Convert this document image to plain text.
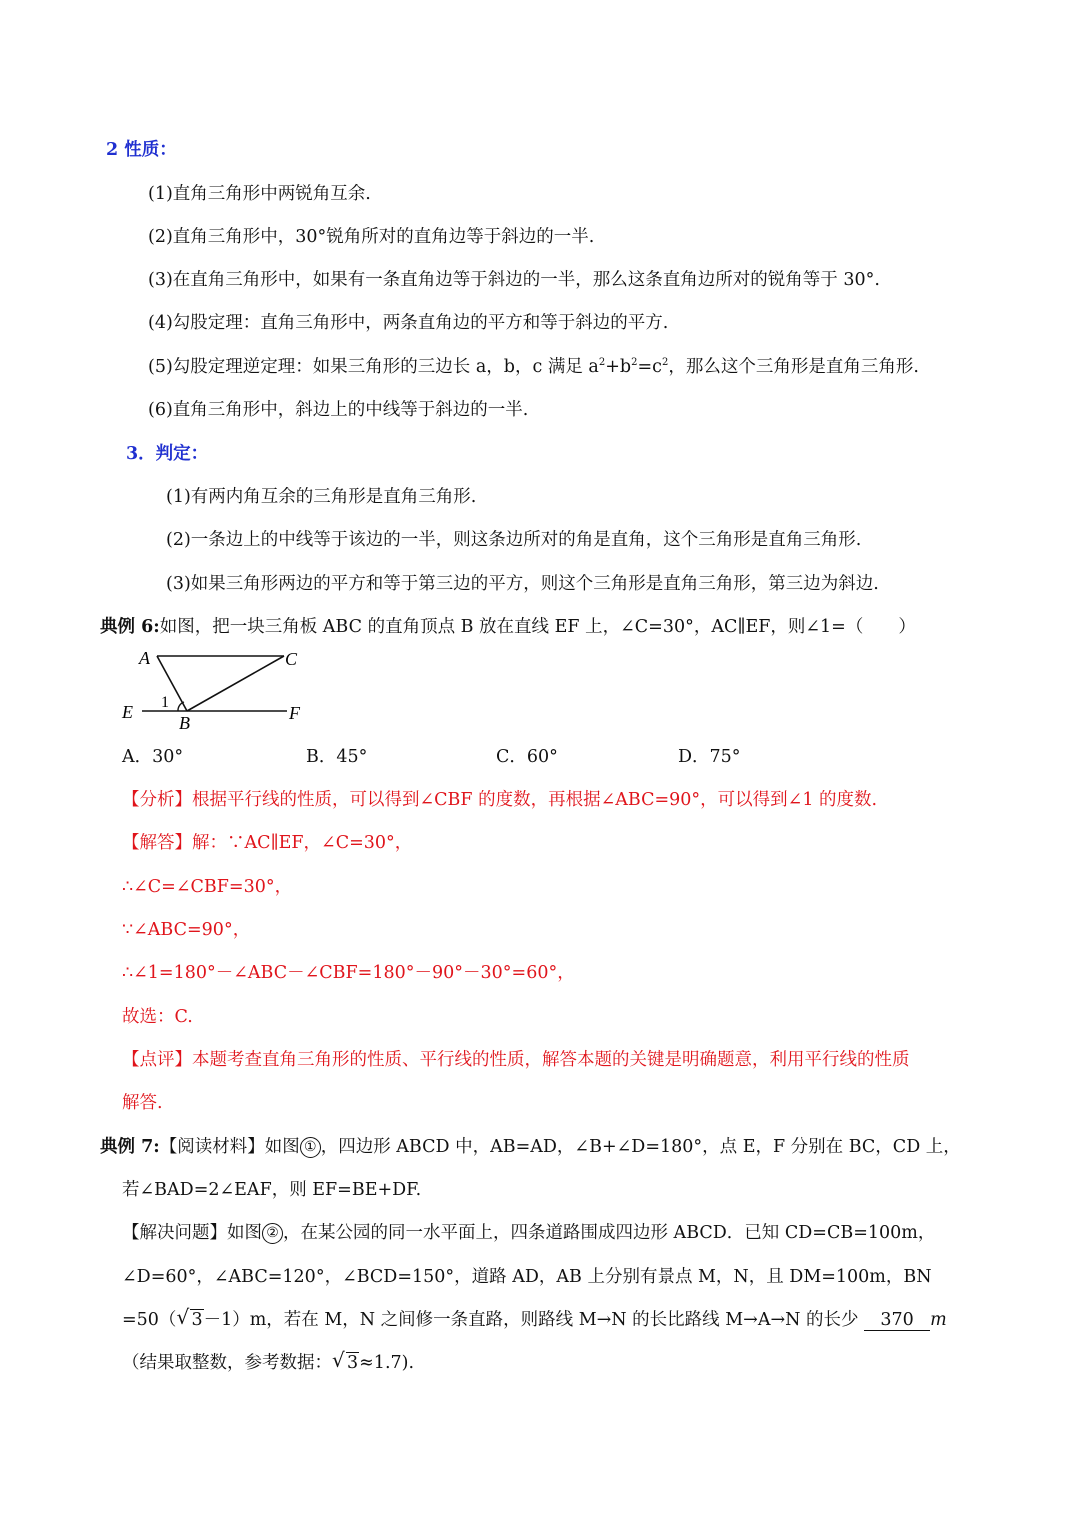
2 性质：
(1)直角三角形中两锐角互余.
(2)直角三角形中，30°锐角所对的直角边等于斜边的一半.
(3)在直角三角形中，如果有一条直角边等于斜边的一半，那么这条直角边所对的锐角等于 30°.
(4)勾股定理：直角三角形中，两条直角边的平方和等于斜边的平方.
(5)勾股定理逆定理：如果三角形的三边长 a，b，c 满足 $a^2+b^2=c^2$，那么这个三角形是直角三角形.
(6)直角三角形中，斜边上的中线等于斜边的一半.
3．判定：
(1)有两内角互余的三角形是直角三角形.
(2)一条边上的中线等于该边的一半，则这条边所对的角是直角，这个三角形是直角三角形.
(3)如果三角形两边的平方和等于第三边的平方，则这个三角形是直角三角形，第三边为斜边.
典例 6:如图，把一块三角板 ABC 的直角顶点 B 放在直线 EF 上，∠C=30°，AC∥EF，则∠1=（　　）
A	C
E
B	F
1
A．30°	B．45°	C．60°	D．75°
【分析】根据平行线的性质，可以得到∠CBF 的度数，再根据∠ABC=90°，可以得到∠1 的度数.
【解答】解：∵AC∥EF，∠C=30°，
∴∠C=∠CBF=30°，
∵∠ABC=90°，
∴∠1=180°－∠ABC－∠CBF=180°－90°－30°=60°，
故选：C.
【点评】本题考查直角三角形的性质、平行线的性质，解答本题的关键是明确题意，利用平行线的性质
解答.
典例 7:【阅读材料】如图 ① ，四边形 ABCD 中，AB=AD，∠B+∠D=180°，点 E，F 分别在 BC，CD 上，
若∠BAD=2∠EAF，则 EF=BE+DF.
【解决问题】如图 ② ，在某公园的同一水平面上，四条道路围成四边形 ABCD．已知 CD=CB=100m，
∠D=60°，∠ABC=120°，∠BCD=150°，道路 AD，AB 上分别有景点 M，N，且 DM=100m，BN
=50（ √ 3－1）m，若在 M，N 之间修一条直路，则路线 M→N 的长比路线 M→A→N 的长少 370 m
（结果取整数，参考数据： √ 3≈1.7).
